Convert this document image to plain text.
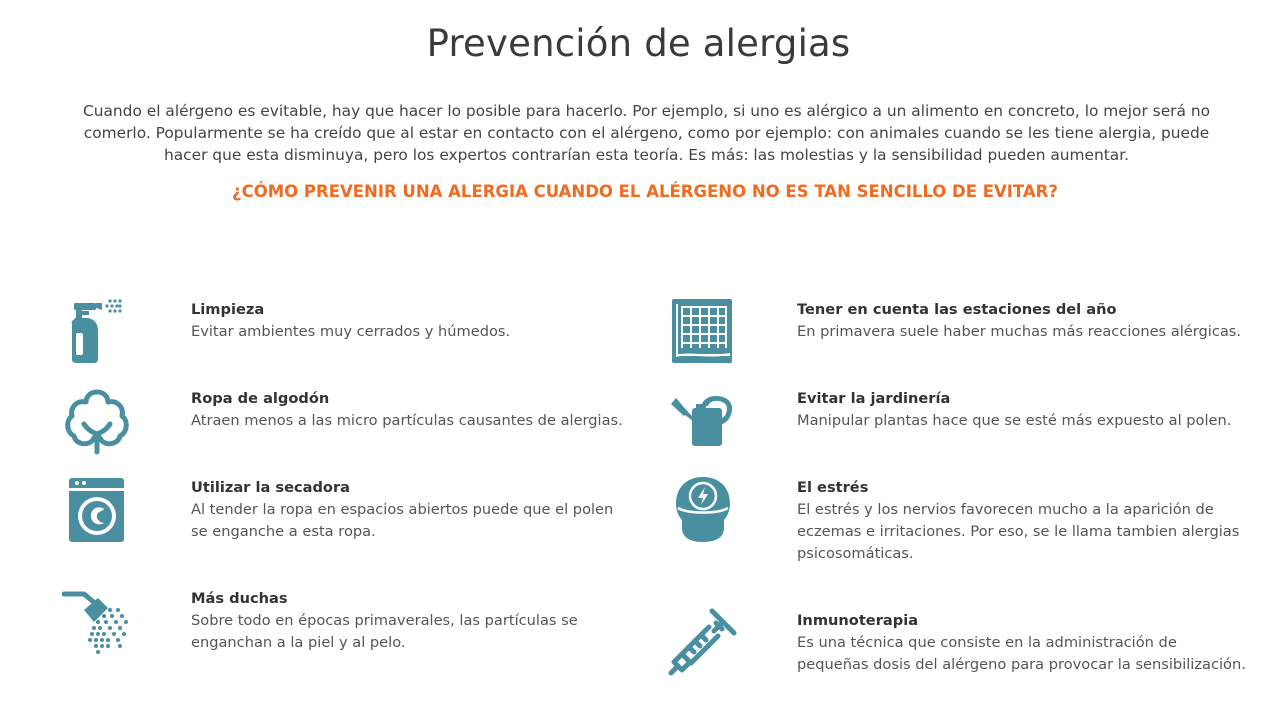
Prevención de alergias

Cuando el alérgeno es evitable, hay que hacer lo posible para hacerlo. Por ejemplo, si uno es alérgico a un alimento en concreto, lo mejor será no comerlo. Popularmente se ha creído que al estar en contacto con el alérgeno, como por ejemplo: con animales cuando se les tiene alergia, puede hacer que esta disminuya, pero los expertos contrarían esta teoría. Es más: las molestias y la sensibilidad pueden aumentar.

¿CÓMO PREVENIR UNA ALERGIA CUANDO EL ALÉRGENO NO ES TAN SENCILLO DE EVITAR?
Limpieza
Evitar ambientes muy cerrados y húmedos.
Ropa de algodón
Atraen menos a las micro partículas causantes de alergias.
Utilizar la secadora
Al tender la ropa en espacios abiertos puede que el polen se enganche a esta ropa.
Más duchas
Sobre todo en épocas primaverales, las partículas se enganchan a la piel y al pelo.
Tener en cuenta las estaciones del año
En primavera suele haber muchas más reacciones alérgicas.
Evitar la jardinería
Manipular plantas hace que se esté más expuesto al polen.
El estrés
El estrés y los nervios favorecen mucho a la aparición de eczemas e irritaciones. Por eso, se le llama tambien alergias psicosomáticas.
Inmunoterapia
Es una técnica que consiste en la administración de pequeñas dosis del alérgeno para provocar la sensibilización.
